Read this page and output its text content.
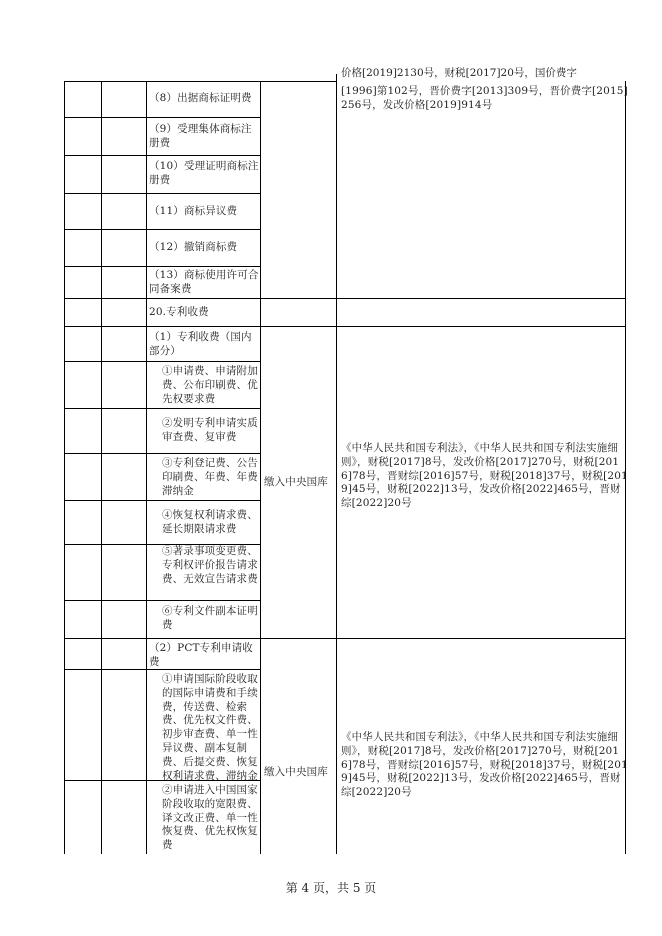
价格[2019]2130号，财税[2017]20号，国价费字
[1996]第102号，晋价费字[2013]309号，晋价费字[2015]256号，发改价格[2019]914号
（8）出据商标证明费
（9）受理集体商标注册费
（10）受理证明商标注册费
（11）商标异议费
（12）撤销商标费
（13）商标使用许可合同备案费
20.专利收费
（1）专利收费（国内部分）
①申请费、申请附加费、公布印刷费、优先权要求费
②发明专利申请实质审查费、复审费
③专利登记费、公告印刷费、年费、年费滞纳金
④恢复权利请求费、延长期限请求费
⑤著录事项变更费、专利权评价报告请求费、无效宣告请求费
⑥专利文件副本证明费
缴入中央国库
《中华人民共和国专利法》，《中华人民共和国专利法实施细则》，财税[2017]8号，发改价格[2017]270号，财税[2016]78号，晋财综[2016]57号，财税[2018]37号，财税[2019]45号，财税[2022]13号，发改价格[2022]465号，晋财综[2022]20号
（2）PCT专利申请收费
①申请国际阶段收取的国际申请费和手续费，传送费、检索费、优先权文件费、初步审查费、单一性异议费、副本复制费、后提交费、恢复权利请求费、滞纳金
②申请进入中国国家阶段收取的宽限费、译文改正费、单一性恢复费、优先权恢复费
缴入中央国库
《中华人民共和国专利法》，《中华人民共和国专利法实施细则》，财税[2017]8号，发改价格[2017]270号，财税[2016]78号，晋财综[2016]57号，财税[2018]37号，财税[2019]45号，财税[2022]13号，发改价格[2022]465号，晋财综[2022]20号
第 4 页，共 5 页
